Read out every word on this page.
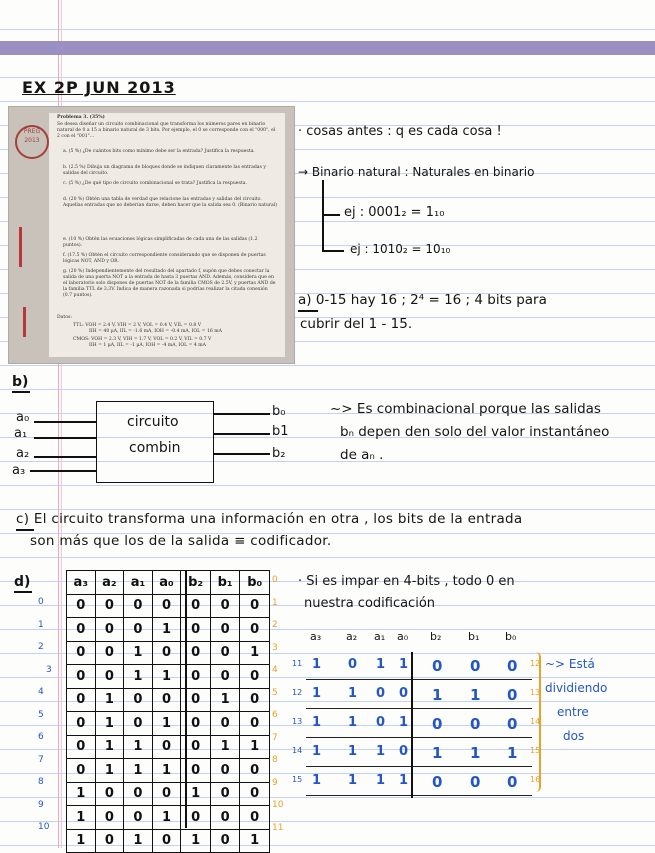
EX 2P JUN 2013
PREG
2013
Problema 3. (35%)
Se desea diseñar un circuito combinacional que transforma los números pares en binario natural de 0 a 15 a binario natural de 3 bits. Por ejemplo, el 0 se corresponde con el "000", el 2 con el "001"...
a. (5 %) ¿De cuántos bits como mínimo debe ser la entrada? Justifica la respuesta.
b. (2.5 %) Dibuja un diagrama de bloques donde se indiquen claramente las entradas y salidas del circuito.
c. (5 %) ¿De qué tipo de circuito combinacional se trata? Justifica la respuesta.
d. (20 %) Obtén una tabla de verdad que relacione las entradas y salidas del circuito. Aquellas entradas que no deberían darse, deben hacer que la salida sea 0. (Binario natural)
e. (10 %) Obtén las ecuaciones lógicas simplificadas de cada una de las salidas (1.2 puntos).
f. (17.5 %) Obtén el circuito correspondiente considerando que se disponen de puertas lógicas NOT, AND y OR.
g. (20 %) Independientemente del resultado del apartado f, supón que debes conectar la salida de una puerta NOT a la entrada de hasta 3 puertas AND. Además, considera que en el laboratorio solo dispones de puertas NOT de la familia CMOS de 2.5V, y puertas AND de la familia TTL de 3.3V. Indica de manera razonada si podrías realizar la citada conexión (0.7 puntos).
Datos:
TTL: VOH = 2.4 V, VIH = 2 V, VOL = 0.4 V, VIL = 0.8 V
IIH = 40 µA, IIL = -1.6 mA, IOH = -0.4 mA, IOL = 16 mA
CMOS: VOH = 2.3 V, VIH = 1.7 V, VOL = 0.2 V, VIL = 0.7 V
IIH = 1 µA, IIL = -1 µA, IOH = -4 mA, IOL = 4 mA
· cosas antes : q es cada cosa !
→ Binario natural : Naturales en binario
ej : 0001₂ = 1₁₀
ej : 1010₂ = 10₁₀
a) 0-15 hay 16 ; 2⁴ = 16 ; 4 bits para
cubrir del 1 - 15.
b)
a₀
a₁
a₂
a₃
circuito
combin
b₀
b1
b₂
~> Es combinacional porque las salidas
bₙ depen den solo del valor instantáneo
de aₙ .
c) El circuito transforma una información en otra , los bits de la entrada
son más que los de la salida ≡ codificador.
d)
0
1
2
3
4
5
6
7
8
9
10
a₃	a₂	a₁	a₀	b₂	b₁	b₀
0	0	0	0	0	0	0
0	0	0	1	0	0	0
0	0	1	0	0	0	1
0	0	1	1	0	0	0
0	1	0	0	0	1	0
0	1	0	1	0	0	0
0	1	1	0	0	1	1
0	1	1	1	0	0	0
1	0	0	0	1	0	0
1	0	0	1	0	0	0
1	0	1	0	1	0	1
0
1
2
3
4
5
6
7
8
9
10
11
· Si es impar en 4-bits , todo 0 en
nuestra codificación
a₃ a₂ a₁ a₀ b₂ b₁ b₀
11 1 0 1 1 0 0 0 12
12 1 1 0 0 1 1 0 13
13 1 1 0 1 0 0 0 14
14 1 1 1 0 1 1 1 15
15 1 1 1 1 0 0 0 16
~> Está
dividiendo
entre
dos
